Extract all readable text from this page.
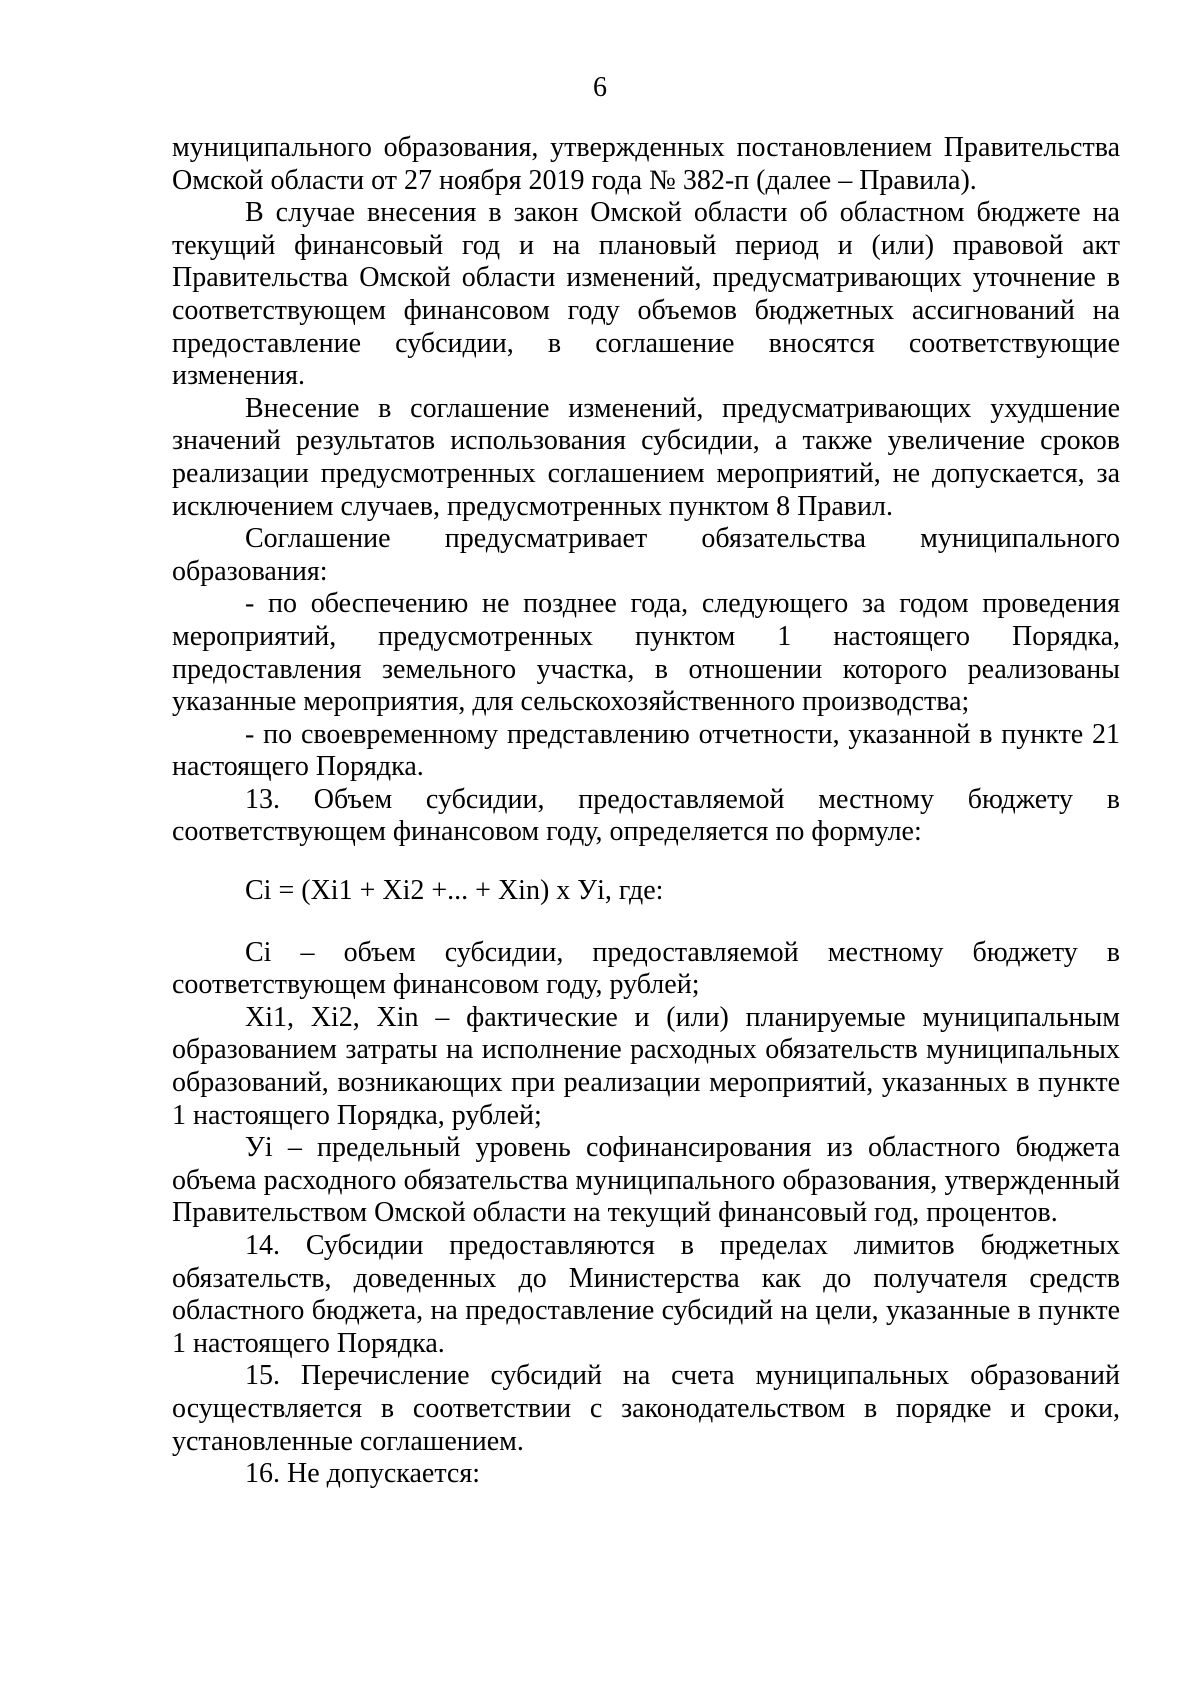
6

муниципального образования, утвержденных постановлением Правительства Омской области от 27 ноября 2019 года № 382-п (далее – Правила).

В случае внесения в закон Омской области об областном бюджете на текущий финансовый год и на плановый период и (или) правовой акт Правительства Омской области изменений, предусматривающих уточнение в соответствующем финансовом году объемов бюджетных ассигнований на предоставление субсидии, в соглашение вносятся соответствующие изменения.

Внесение в соглашение изменений, предусматривающих ухудшение значений результатов использования субсидии, а также увеличение сроков реализации предусмотренных соглашением мероприятий, не допускается, за исключением случаев, предусмотренных пунктом 8 Правил.

Соглашение предусматривает обязательства муниципального образования:

- по обеспечению не позднее года, следующего за годом проведения мероприятий, предусмотренных пунктом 1 настоящего Порядка, предоставления земельного участка, в отношении которого реализованы указанные мероприятия, для сельскохозяйственного производства;

- по своевременному представлению отчетности, указанной в пункте 21 настоящего Порядка.

13. Объем субсидии, предоставляемой местному бюджету в соответствующем финансовом году, определяется по формуле:

Сi = (Хi1 + Хi2 +... + Хin) х Уi, где:

Сi – объем субсидии, предоставляемой местному бюджету в соответствующем финансовом году, рублей;

Хi1, Хi2, Хin – фактические и (или) планируемые муниципальным образованием затраты на исполнение расходных обязательств муниципальных образований, возникающих при реализации мероприятий, указанных в пункте 1 настоящего Порядка, рублей;

Уi – предельный уровень софинансирования из областного бюджета объема расходного обязательства муниципального образования, утвержденный Правительством Омской области на текущий финансовый год, процентов.

14. Субсидии предоставляются в пределах лимитов бюджетных обязательств, доведенных до Министерства как до получателя средств областного бюджета, на предоставление субсидий на цели, указанные в пункте 1 настоящего Порядка.

15. Перечисление субсидий на счета муниципальных образований осуществляется в соответствии с законодательством в порядке и сроки, установленные соглашением.

16. Не допускается:
